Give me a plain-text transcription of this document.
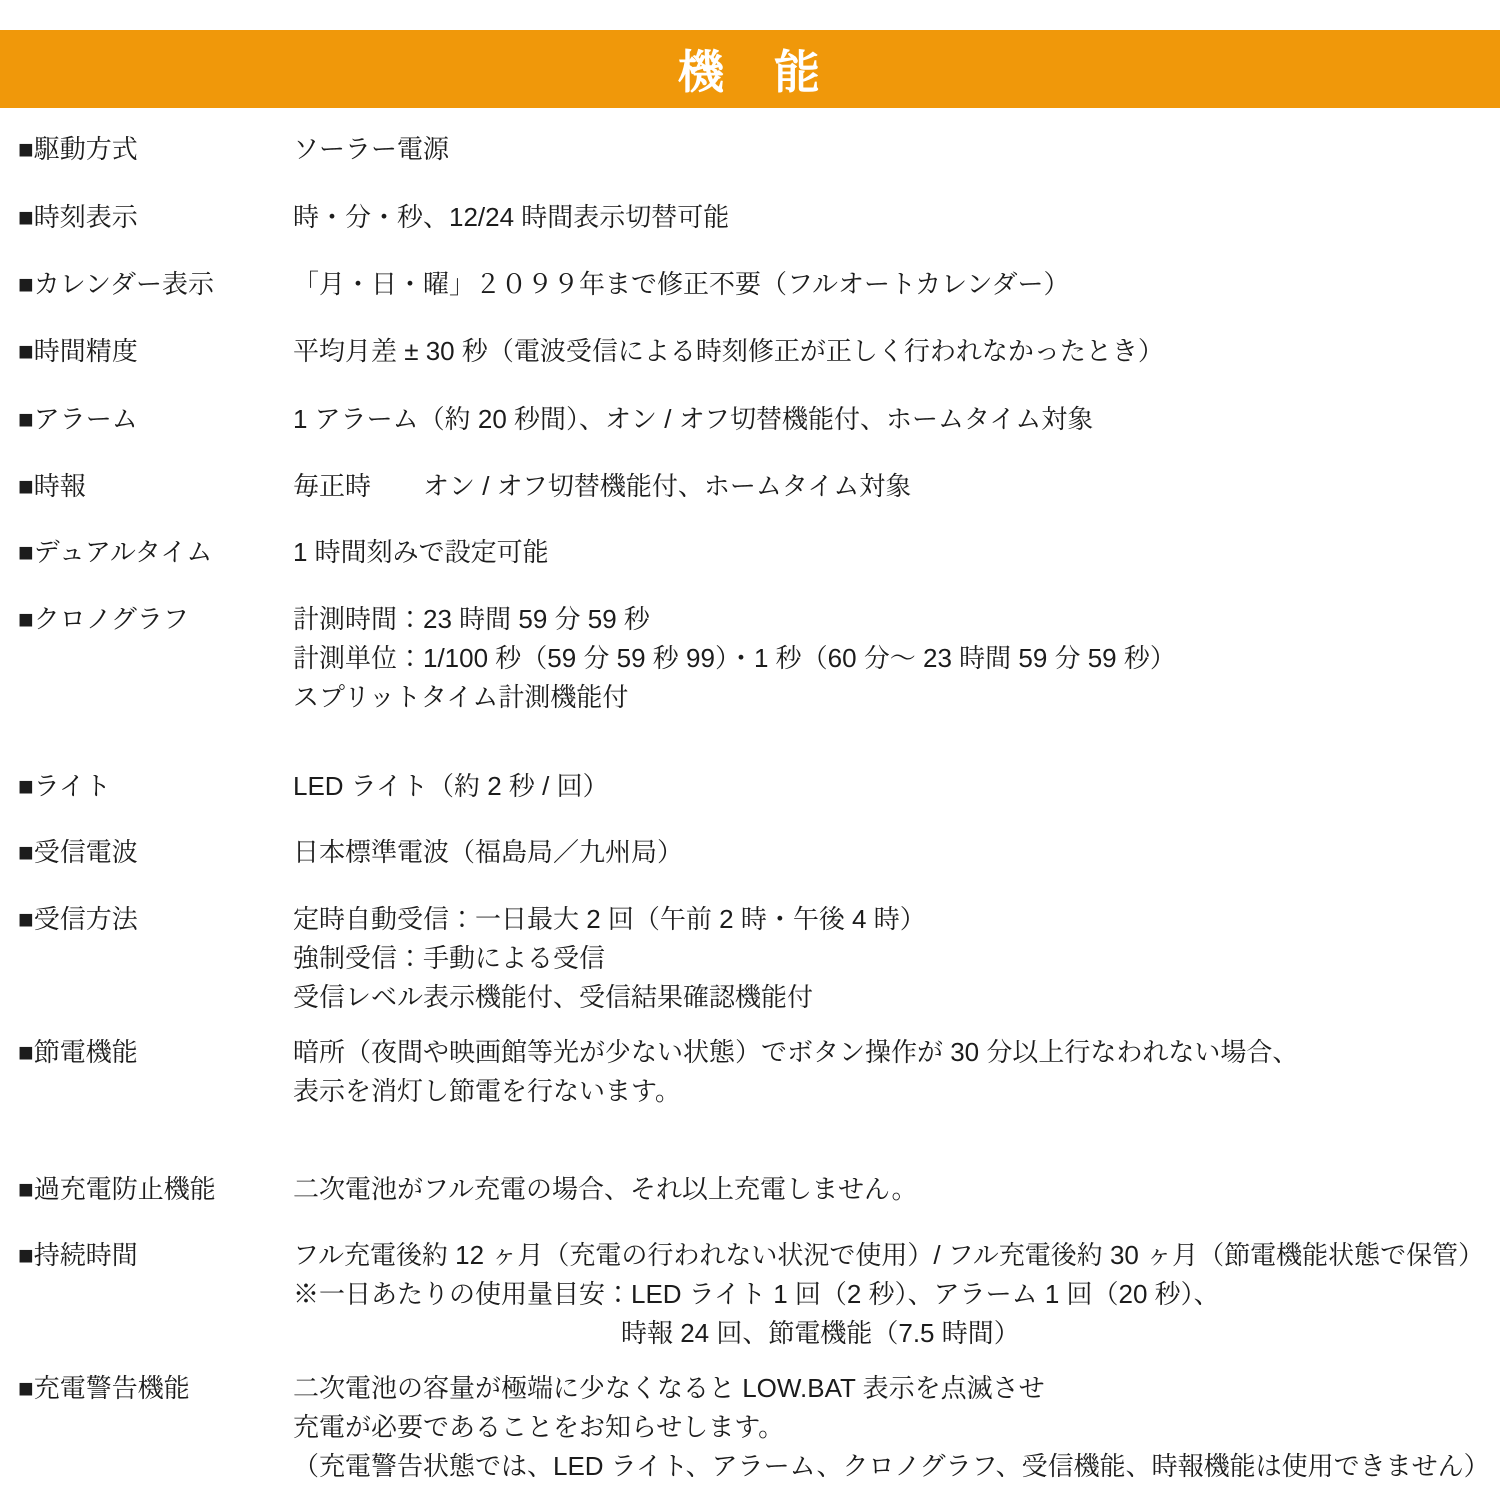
機　能
■駆動方式	ソーラー電源
■時刻表示	時・分・秒、12/24 時間表示切替可能
■カレンダー表示	「月・日・曜」２０９９年まで修正不要（フルオートカレンダー）
■時間精度	平均月差 ± 30 秒（電波受信による時刻修正が正しく行われなかったとき）
■アラーム	1 アラーム（約 20 秒間）、オン / オフ切替機能付、ホームタイム対象
■時報	毎正時　　オン / オフ切替機能付、ホームタイム対象
■デュアルタイム	1 時間刻みで設定可能
■クロノグラフ	計測時間：23 時間 59 分 59 秒
計測単位：1/100 秒（59 分 59 秒 99）・1 秒（60 分～ 23 時間 59 分 59 秒）
スプリットタイム計測機能付
■ライト	LED ライト（約 2 秒 / 回）
■受信電波	日本標準電波（福島局／九州局）
■受信方法	定時自動受信：一日最大 2 回（午前 2 時・午後 4 時）
強制受信：手動による受信
受信レベル表示機能付、受信結果確認機能付
■節電機能	暗所（夜間や映画館等光が少ない状態）でボタン操作が 30 分以上行なわれない場合、
表示を消灯し節電を行ないます。
■過充電防止機能	二次電池がフル充電の場合、それ以上充電しません。
■持続時間	フル充電後約 12 ヶ月（充電の行われない状況で使用）/ フル充電後約 30 ヶ月（節電機能状態で保管）
※一日あたりの使用量目安：LED ライト 1 回（2 秒）、アラーム 1 回（20 秒）、
時報 24 回、節電機能（7.5 時間）
■充電警告機能	二次電池の容量が極端に少なくなると LOW.BAT 表示を点滅させ
充電が必要であることをお知らせします。
（充電警告状態では、LED ライト、アラーム、クロノグラフ、受信機能、時報機能は使用できません）
